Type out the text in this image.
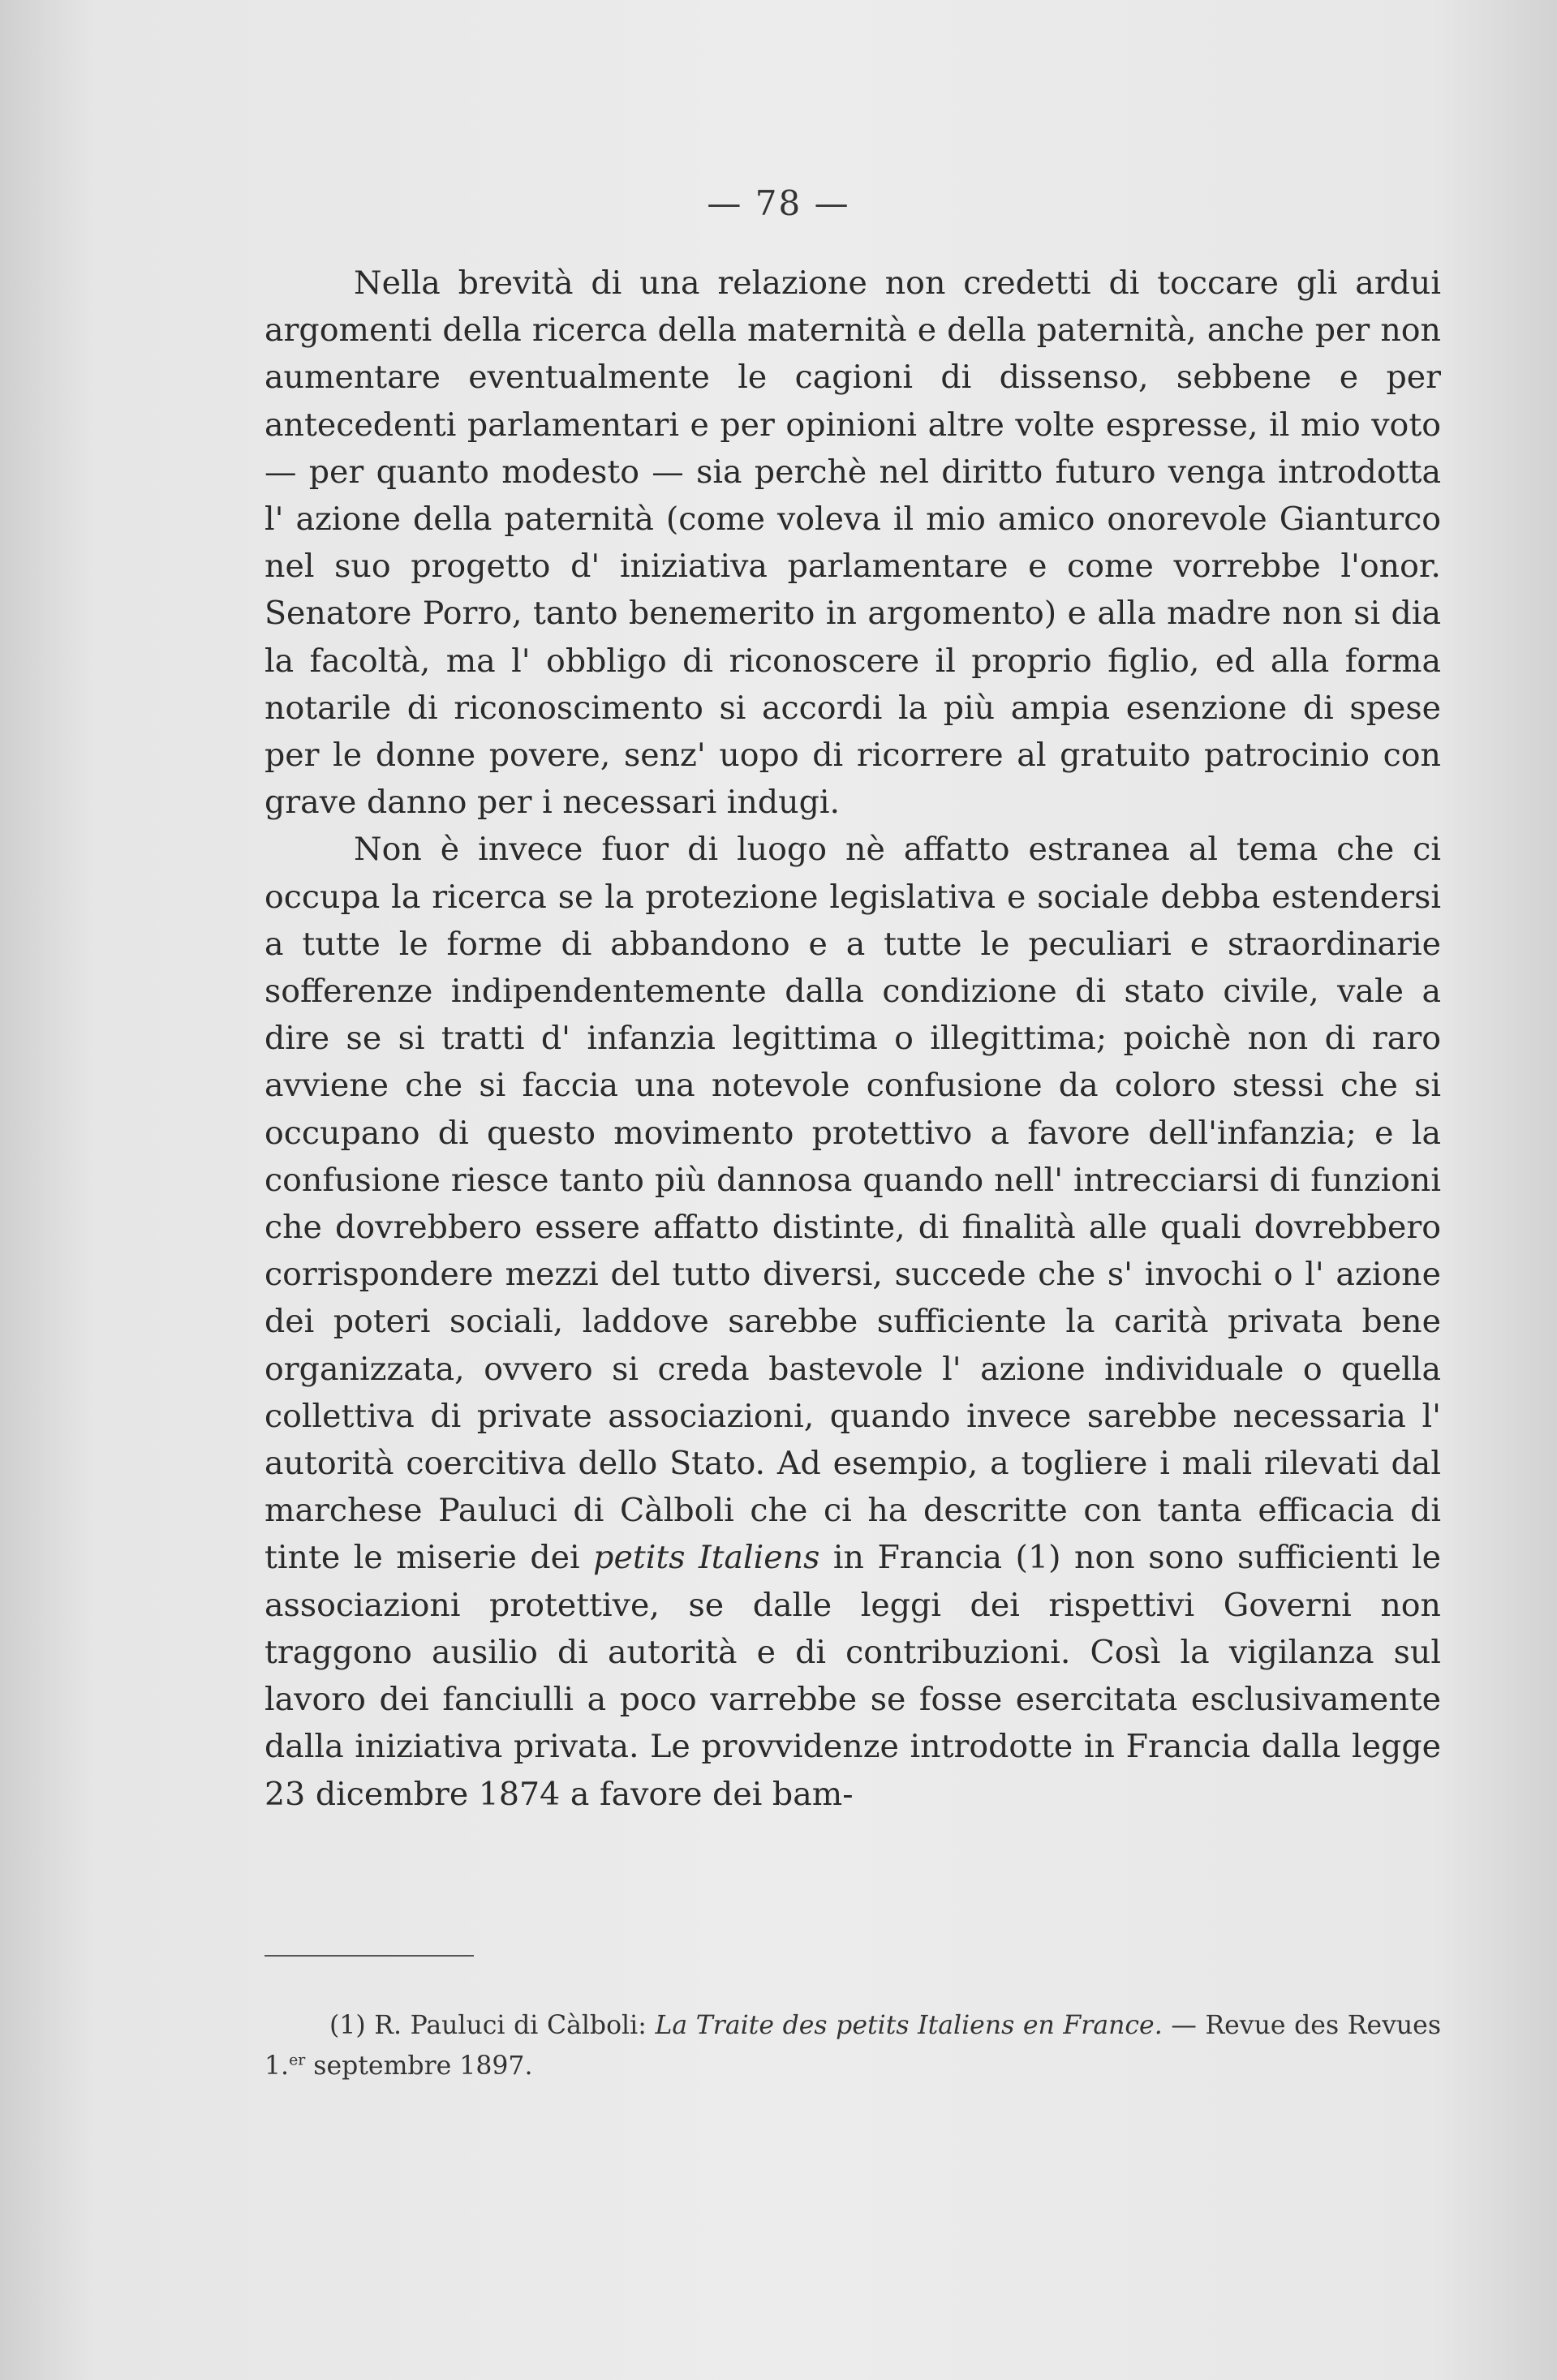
— 78 —

Nella brevità di una relazione non credetti di toccare gli ardui argomenti della ricerca della maternità e della paternità, anche per non aumentare eventualmente le cagioni di dissenso, sebbene e per antecedenti parlamentari e per opinioni altre volte espresse, il mio voto — per quanto modesto — sia perchè nel diritto futuro venga introdotta l' azione della paternità (come voleva il mio amico onorevole Gianturco nel suo progetto d' iniziativa parlamentare e come vorrebbe l'onor. Senatore Porro, tanto benemerito in argomento) e alla madre non si dia la facoltà, ma l' obbligo di riconoscere il proprio figlio, ed alla forma notarile di riconoscimento si accordi la più ampia esenzione di spese per le donne povere, senz' uopo di ricorrere al gratuito patrocinio con grave danno per i necessari indugi.

Non è invece fuor di luogo nè affatto estranea al tema che ci occupa la ricerca se la protezione legislativa e sociale debba estendersi a tutte le forme di abbandono e a tutte le peculiari e straordinarie sofferenze indipendentemente dalla condizione di stato civile, vale a dire se si tratti d' infanzia legittima o illegittima; poichè non di raro avviene che si faccia una notevole confusione da coloro stessi che si occupano di questo movimento protettivo a favore dell'infanzia; e la confusione riesce tanto più dannosa quando nell' intrecciarsi di funzioni che dovrebbero essere affatto distinte, di finalità alle quali dovrebbero corrispondere mezzi del tutto diversi, succede che s' invochi o l' azione dei poteri sociali, laddove sarebbe sufficiente la carità privata bene organizzata, ovvero si creda bastevole l' azione individuale o quella collettiva di private associazioni, quando invece sarebbe necessaria l' autorità coercitiva dello Stato. Ad esempio, a togliere i mali rilevati dal marchese Pauluci di Càlboli che ci ha descritte con tanta efficacia di tinte le miserie dei petits Italiens in Francia (1) non sono sufficienti le associazioni protettive, se dalle leggi dei rispettivi Governi non traggono ausilio di autorità e di contribuzioni. Così la vigilanza sul lavoro dei fanciulli a poco varrebbe se fosse esercitata esclusivamente dalla iniziativa privata. Le provvidenze introdotte in Francia dalla legge 23 dicembre 1874 a favore dei bam-

(1) R. Pauluci di Càlboli: La Traite des petits Italiens en France. — Revue des Revues 1.$^{er}$ septembre 1897.
